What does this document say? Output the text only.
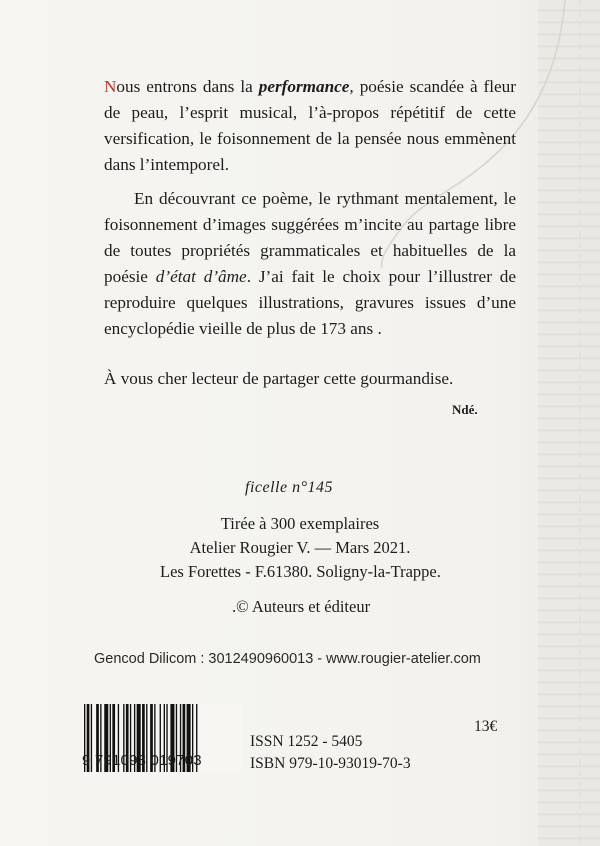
Nous entrons dans la performance, poésie scandée à fleur de peau, l’esprit musical, l’à-propos répétitif de cette versification, le foisonnement de la pensée nous emmènent dans l’intemporel.

En découvrant ce poème, le rythmant mentalement, le foisonnement d’images suggérées m’incite au partage libre de toutes propriétés grammaticales et habituelles de la poésie d’état d’âme. J’ai fait le choix pour l’illustrer de reproduire quelques illustrations, gravures issues d’une encyclopédie vieille de plus de 173 ans .

À vous cher lecteur de partager cette gourmandise.

Ndé.
ficelle n°145
Tirée à 300 exemplaires
Atelier Rougier V. — Mars 2021.
Les Forettes - F.61380. Soligny-la-Trappe.
.© Auteurs et éditeur
Gencod Dilicom : 3012490960013 - www.rougier-atelier.com
9 791093 019703
ISSN 1252 - 5405
ISBN 979-10-93019-70-3
13€
